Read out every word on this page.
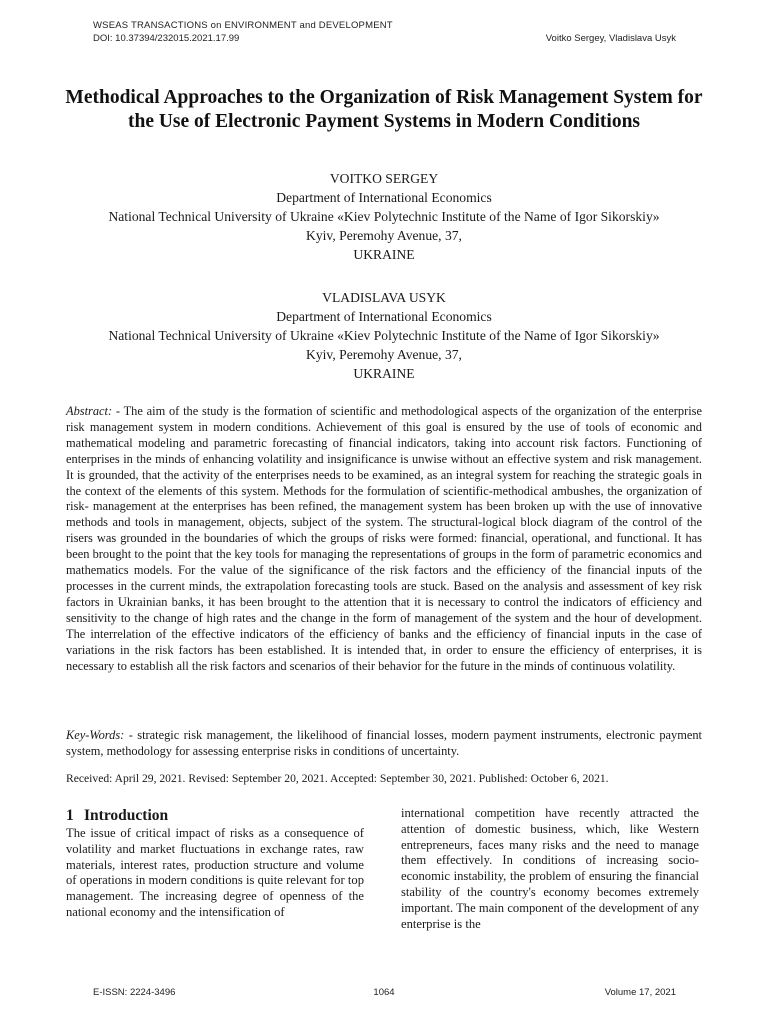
WSEAS TRANSACTIONS on ENVIRONMENT and DEVELOPMENT
DOI: 10.37394/232015.2021.17.99	Voitko Sergey, Vladislava Usyk
Methodical Approaches to the Organization of Risk Management System for the Use of Electronic Payment Systems in Modern Conditions
VOITKO SERGEY
Department of International Economics
National Technical University of Ukraine «Kiev Polytechnic Institute of the Name of Igor Sikorskiy»
Kyiv, Peremohy Avenue, 37,
UKRAINE
VLADISLAVA USYK
Department of International Economics
National Technical University of Ukraine «Kiev Polytechnic Institute of the Name of Igor Sikorskiy»
Kyiv, Peremohy Avenue, 37,
UKRAINE
Abstract: - The aim of the study is the formation of scientific and methodological aspects of the organization of the enterprise risk management system in modern conditions. Achievement of this goal is ensured by the use of tools of economic and mathematical modeling and parametric forecasting of financial indicators, taking into account risk factors. Functioning of enterprises in the minds of enhancing volatility and insignificance is unwise without an effective system and risk management. It is grounded, that the activity of the enterprises needs to be examined, as an integral system for reaching the strategic goals in the context of the elements of this system. Methods for the formulation of scientific-methodical ambushes, the organization of risk- management at the enterprises has been refined, the management system has been broken up with the use of innovative methods and tools in management, objects, subject of the system. The structural-logical block diagram of the control of the risers was grounded in the boundaries of which the groups of risks were formed: financial, operational, and functional. It has been brought to the point that the key tools for managing the representations of groups in the form of parametric economics and mathematics models. For the value of the significance of the risk factors and the efficiency of the financial inputs of the processes in the current minds, the extrapolation forecasting tools are stuck. Based on the analysis and assessment of key risk factors in Ukrainian banks, it has been brought to the attention that it is necessary to control the indicators of efficiency and sensitivity to the change of high rates and the change in the form of management of the system and the hour of development. The interrelation of the effective indicators of the efficiency of banks and the efficiency of financial inputs in the case of variations in the risk factors has been established. It is intended that, in order to ensure the efficiency of enterprises, it is necessary to establish all the risk factors and scenarios of their behavior for the future in the minds of continuous volatility.
Key-Words: - strategic risk management, the likelihood of financial losses, modern payment instruments, electronic payment system, methodology for assessing enterprise risks in conditions of uncertainty.
Received: April 29, 2021. Revised: September 20, 2021. Accepted: September 30, 2021. Published: October 6, 2021.
1 Introduction
The issue of critical impact of risks as a consequence of volatility and market fluctuations in exchange rates, raw materials, interest rates, production structure and volume of operations in modern conditions is quite relevant for top management. The increasing degree of openness of the national economy and the intensification of
international competition have recently attracted the attention of domestic business, which, like Western entrepreneurs, faces many risks and the need to manage them effectively. In conditions of increasing socio-economic instability, the problem of ensuring the financial stability of the country's economy becomes extremely important. The main component of the development of any enterprise is the
E-ISSN: 2224-3496	1064	Volume 17, 2021
